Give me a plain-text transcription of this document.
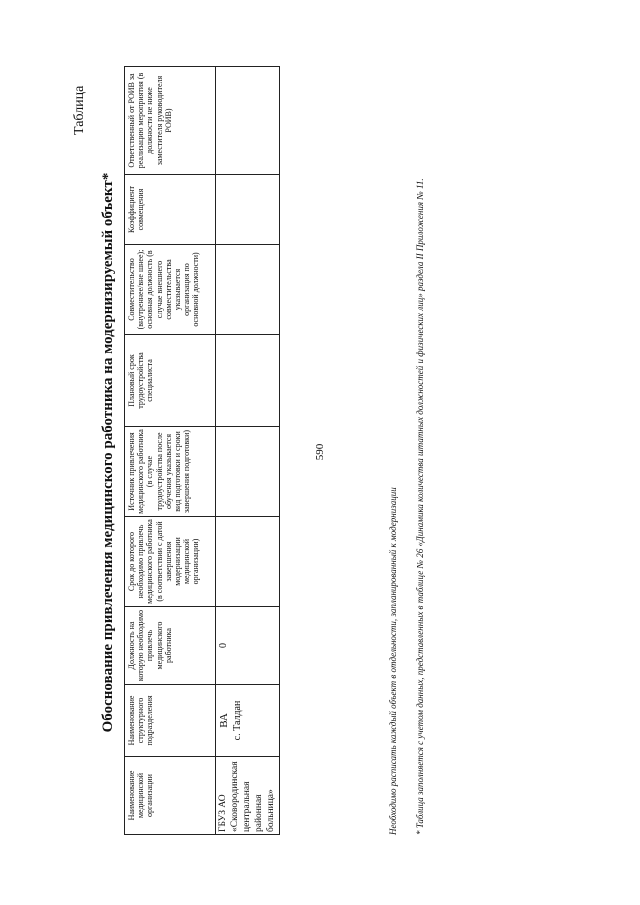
590
Таблица
Обоснование привлечения медицинского работника на модернизируемый объект*
Наименование медицинской организации	Наименование структурного подразделения	Должность на которую необходимо привлечь медицинского работника	Срок до которого необходимо привлечь медицинского работника (в соответствии с датой завершения модернизации медицинской организации)	Источник привлечения медицинского работника (в случае трудоустройства после обучения указывается вид подготовки и сроки завершения подготовки)	Плановый срок трудоустройства специалиста	Совместительство (внутреннее/вне шнее); основная должность (в случае внешнего совместительства указывается организация по основной должности)	Коэффициент совмещения	Ответственный от РОИВ за реализацию мероприятия (в должности не ниже заместителя руководителя РОИВ)
ГБУЗ АО «Сковородинская центральная районная больница»	ВА с. Талдан	0							Необходимо расписать каждый объект в отдельности, запланированный к модернизации * Таблица заполняется с учетом данных, представленных в таблице № 26 «Динамика количества штатных должностей и физических лиц» раздела II Приложения № 11.
